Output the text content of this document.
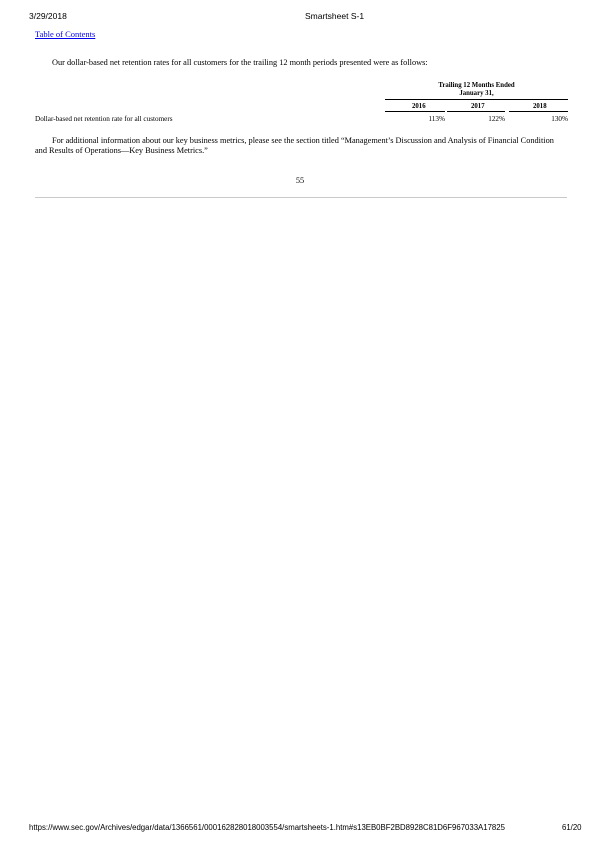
3/29/2018	Smartsheet S-1
Table of Contents
Our dollar-based net retention rates for all customers for the trailing 12 month periods presented were as follows:
Trailing 12 Months Ended
January 31,
2016	2017	2018
Dollar-based net retention rate for all customers	113%	122%	130%

For additional information about our key business metrics, please see the section titled “Management’s Discussion and Analysis of Financial Condition and Results of Operations—Key Business Metrics.”

55
https://www.sec.gov/Archives/edgar/data/1366561/000162828018003554/smartsheets-1.htm#s13EB0BF2BD8928C81D6F967033A17825	61/20
